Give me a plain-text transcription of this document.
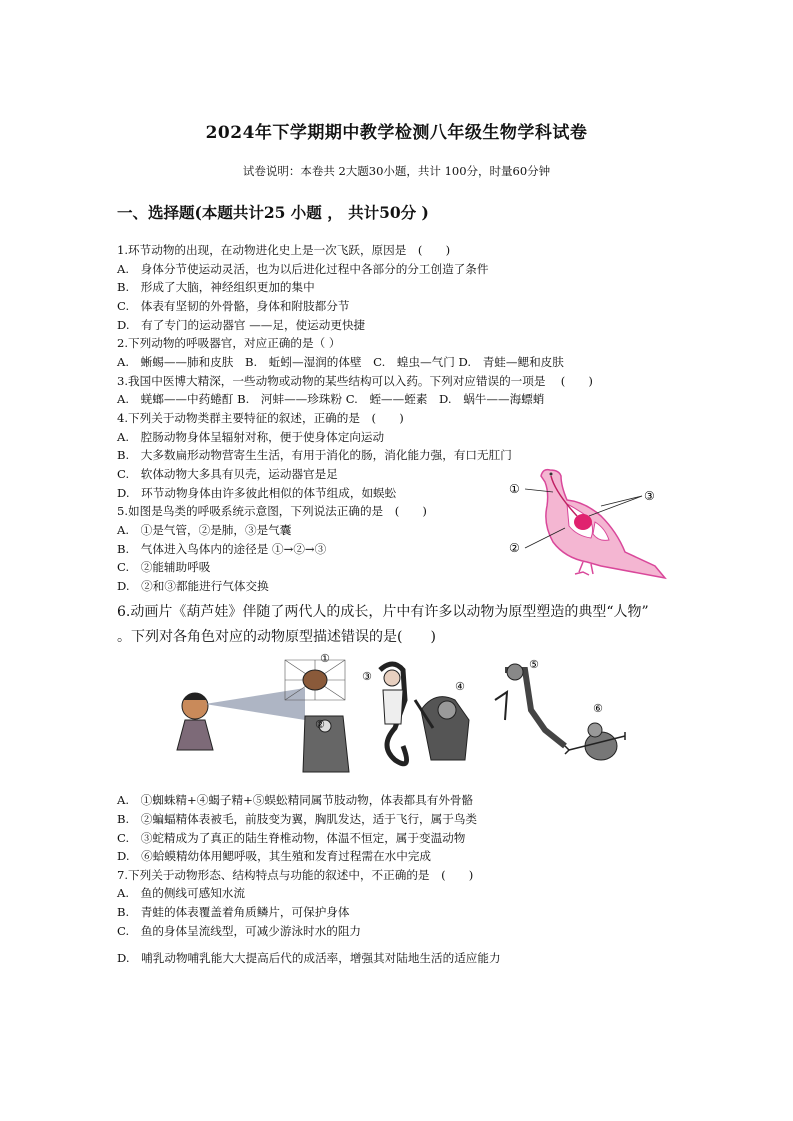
2024年下学期期中教学检测八年级生物学科试卷
试卷说明：本卷共 2大题30小题，共计 100分，时量60分钟
一、选择题(本题共计25 小题 ， 共计50分 )
1.环节动物的出现，在动物进化史上是一次飞跃，原因是　(　　)
A.　身体分节使运动灵活，也为以后进化过程中各部分的分工创造了条件
B.　形成了大脑，神经组织更加的集中
C.　体表有坚韧的外骨骼，身体和附肢都分节
D.　有了专门的运动器官 ——足，使运动更快捷
2.下列动物的呼吸器官，对应正确的是（ ）
A.　蜥蜴——肺和皮肤　B.　蚯蚓—湿润的体壁　C.　蝗虫—气门 D.　青蛙—鳃和皮肤
3.我国中医博大精深，一些动物或动物的某些结构可以入药。下列对应错误的一项是　 (　　)
A.　蜣螂——中药蜷酊 B.　河蚌——珍珠粉 C.　蛭——蛭素　D.　蜗牛——海螵蛸
4.下列关于动物类群主要特征的叙述，正确的是　(　　)
A.　腔肠动物身体呈辐射对称，便于使身体定向运动
B.　大多数扁形动物营寄生生活，有用于消化的肠，消化能力强，有口无肛门
C.　软体动物大多具有贝壳，运动器官是足
D.　环节动物身体由许多彼此相似的体节组成，如蜈蚣
5.如图是鸟类的呼吸系统示意图，下列说法正确的是　(　　)
A.　①是气管，②是肺，③是气囊
B.　气体进入鸟体内的途径是 ①→②→③
C.　②能辅助呼吸
D.　②和③都能进行气体交换
6.动画片《葫芦娃》伴随了两代人的成长，片中有许多以动物为原型塑造的典型“人物”
。下列对各角色对应的动物原型描述错误的是(　　)
①
②
③
①
②
③
④
⑤
⑥
A.　①蜘蛛精+④蝎子精+⑤蜈蚣精同属节肢动物，体表都具有外骨骼
B.　②蝙蝠精体表被毛，前肢变为翼，胸肌发达，适于飞行，属于鸟类
C.　③蛇精成为了真正的陆生脊椎动物，体温不恒定，属于变温动物
D.　⑥蛤蟆精幼体用鳃呼吸，其生殖和发育过程需在水中完成
7.下列关于动物形态、结构特点与功能的叙述中，不正确的是　(　　)
A.　鱼的侧线可感知水流
B.　青蛙的体表覆盖着角质鳞片，可保护身体
C.　鱼的身体呈流线型，可减少游泳时水的阻力
D.　哺乳动物哺乳能大大提高后代的成活率，增强其对陆地生活的适应能力
